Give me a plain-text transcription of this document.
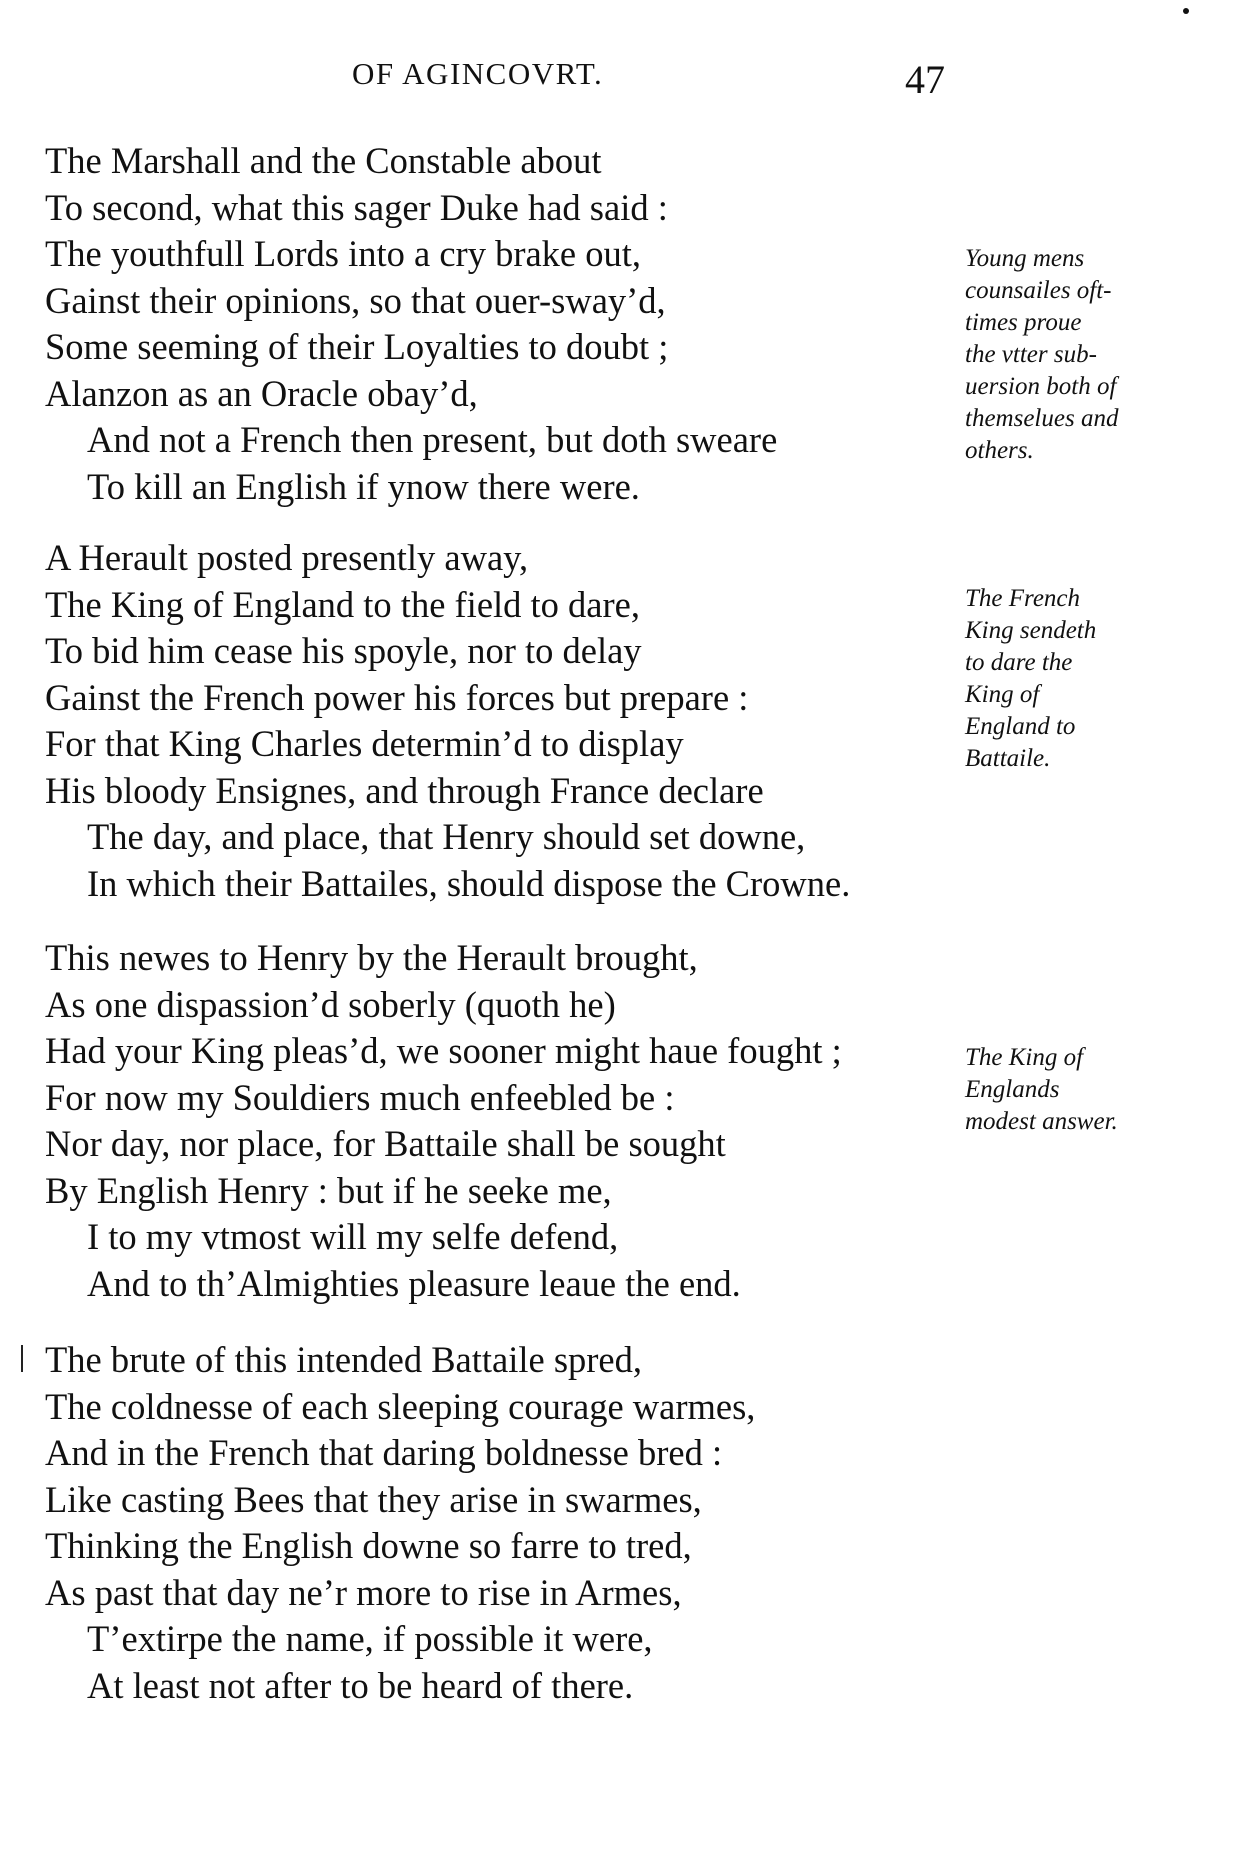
OF AGINCOVRT.	47
The Marshall and the Constable about
To second, what this sager Duke had said :
The youthfull Lords into a cry brake out,
Gainst their opinions, so that ouer-sway’d,
Some seeming of their Loyalties to doubt ;
Alanzon as an Oracle obay’d,
And not a French then present, but doth sweare
To kill an English if ynow there were.
A Herault posted presently away,
The King of England to the field to dare,
To bid him cease his spoyle, nor to delay
Gainst the French power his forces but prepare :
For that King Charles determin’d to display
His bloody Ensignes, and through France declare
The day, and place, that Henry should set downe,
In which their Battailes, should dispose the Crowne.
This newes to Henry by the Herault brought,
As one dispassion’d soberly (quoth he)
Had your King pleas’d, we sooner might haue fought ;
For now my Souldiers much enfeebled be :
Nor day, nor place, for Battaile shall be sought
By English Henry : but if he seeke me,
I to my vtmost will my selfe defend,
And to th’Almighties pleasure leaue the end.
The brute of this intended Battaile spred,
The coldnesse of each sleeping courage warmes,
And in the French that daring boldnesse bred :
Like casting Bees that they arise in swarmes,
Thinking the English downe so farre to tred,
As past that day ne’r more to rise in Armes,
T’extirpe the name, if possible it were,
At least not after to be heard of there.
Young mens
counsailes oft-
times proue
the vtter sub-
uersion both of
themselues and
others.
The French
King sendeth
to dare the
King of
England to
Battaile.
The King of
Englands
modest answer.
